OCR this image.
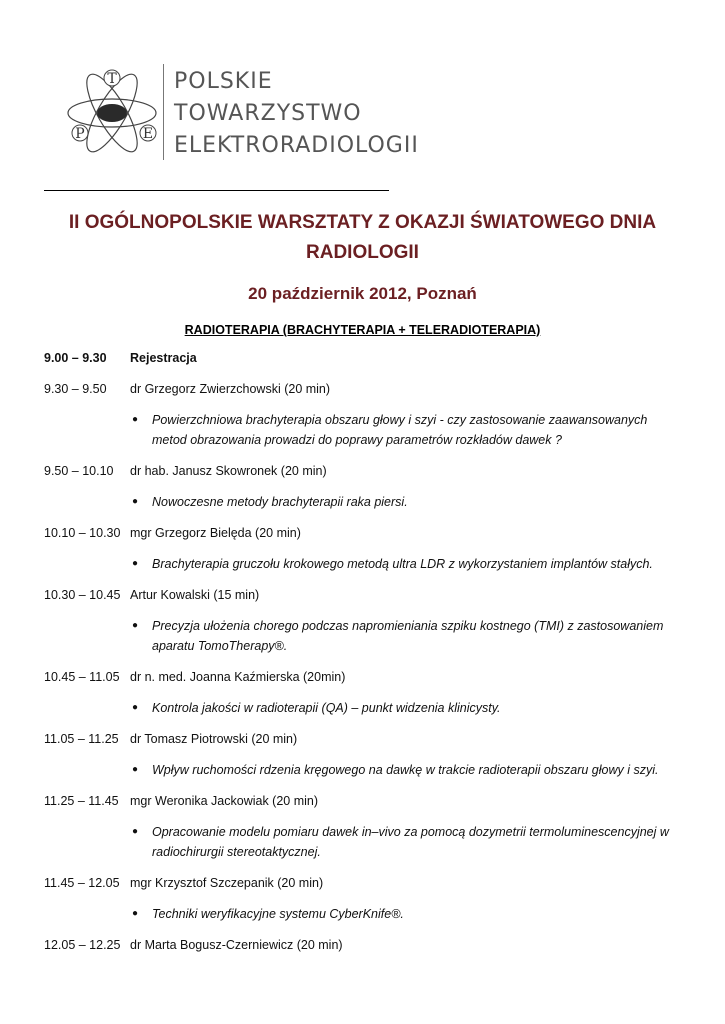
T
P	E
POLSKIE
TOWARZYSTWO
ELEKTRORADIOLOGII
II OGÓLNOPOLSKIE WARSZTATY Z OKAZJI ŚWIATOWEGO DNIA RADIOLOGII
20 październik 2012, Poznań
RADIOTERAPIA (BRACHYTERAPIA + TELERADIOTERAPIA)
9.00 – 9.30	Rejestracja
9.30 – 9.50	dr Grzegorz Zwierzchowski (20 min)
●	Powierzchniowa brachyterapia obszaru głowy i szyi - czy zastosowanie zaawansowanych metod obrazowania prowadzi do poprawy parametrów rozkładów dawek ?
9.50 – 10.10	dr hab. Janusz Skowronek (20 min)
●	Nowoczesne metody brachyterapii raka piersi.
10.10 – 10.30 mgr Grzegorz Bielęda (20 min)
●	Brachyterapia gruczołu krokowego metodą ultra LDR z wykorzystaniem implantów stałych.
10.30 – 10.45 Artur Kowalski (15 min)
●	Precyzja ułożenia chorego podczas napromieniania szpiku kostnego (TMI) z zastosowaniem aparatu TomoTherapy®.
10.45 – 11.05 dr n. med. Joanna Kaźmierska (20min)
●	Kontrola jakości w radioterapii (QA) – punkt widzenia klinicysty.
11.05 – 11.25 dr Tomasz Piotrowski (20 min)
●	Wpływ ruchomości rdzenia kręgowego na dawkę w trakcie radioterapii obszaru głowy i szyi.
11.25 – 11.45 mgr Weronika Jackowiak (20 min)
●	Opracowanie modelu pomiaru dawek in–vivo za pomocą dozymetrii termoluminescencyjnej w radiochirurgii stereotaktycznej.
11.45 – 12.05 mgr Krzysztof Szczepanik (20 min)
●	Techniki weryfikacyjne systemu CyberKnife®.
12.05 – 12.25 dr Marta Bogusz-Czerniewicz (20 min)
